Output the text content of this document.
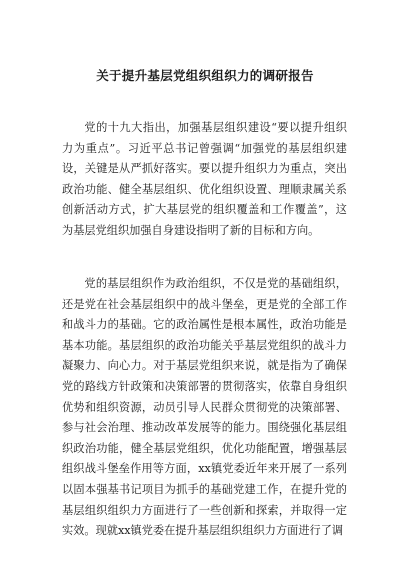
关于提升基层党组织组织力的调研报告

党的十九大指出，加强基层组织建设“要以提升组织力为重点”。习近平总书记曾强调“加强党的基层组织建设，关键是从严抓好落实。要以提升组织力为重点，突出政治功能、健全基层组织、优化组织设置、理顺隶属关系创新活动方式，扩大基层党的组织覆盖和工作覆盖”，这为基层党组织加强自身建设指明了新的目标和方向。

党的基层组织作为政治组织，不仅是党的基础组织，还是党在社会基层组织中的战斗堡垒，更是党的全部工作和战斗力的基础。它的政治属性是根本属性，政治功能是基本功能。基层组织的政治功能关乎基层党组织的战斗力凝聚力、向心力。对于基层党组织来说，就是指为了确保党的路线方针政策和决策部署的贯彻落实，依靠自身组织优势和组织资源，动员引导人民群众贯彻党的决策部署、参与社会治理、推动改革发展等的能力。围绕强化基层组织政治功能，健全基层党组织，优化功能配置，增强基层组织战斗堡垒作用等方面，xx镇党委近年来开展了一系列以固本强基书记项目为抓手的基础党建工作，在提升党的基层组织组织力方面进行了一些创新和探索，并取得一定实效。现就xx镇党委在提升基层组织组织力方面进行了调
